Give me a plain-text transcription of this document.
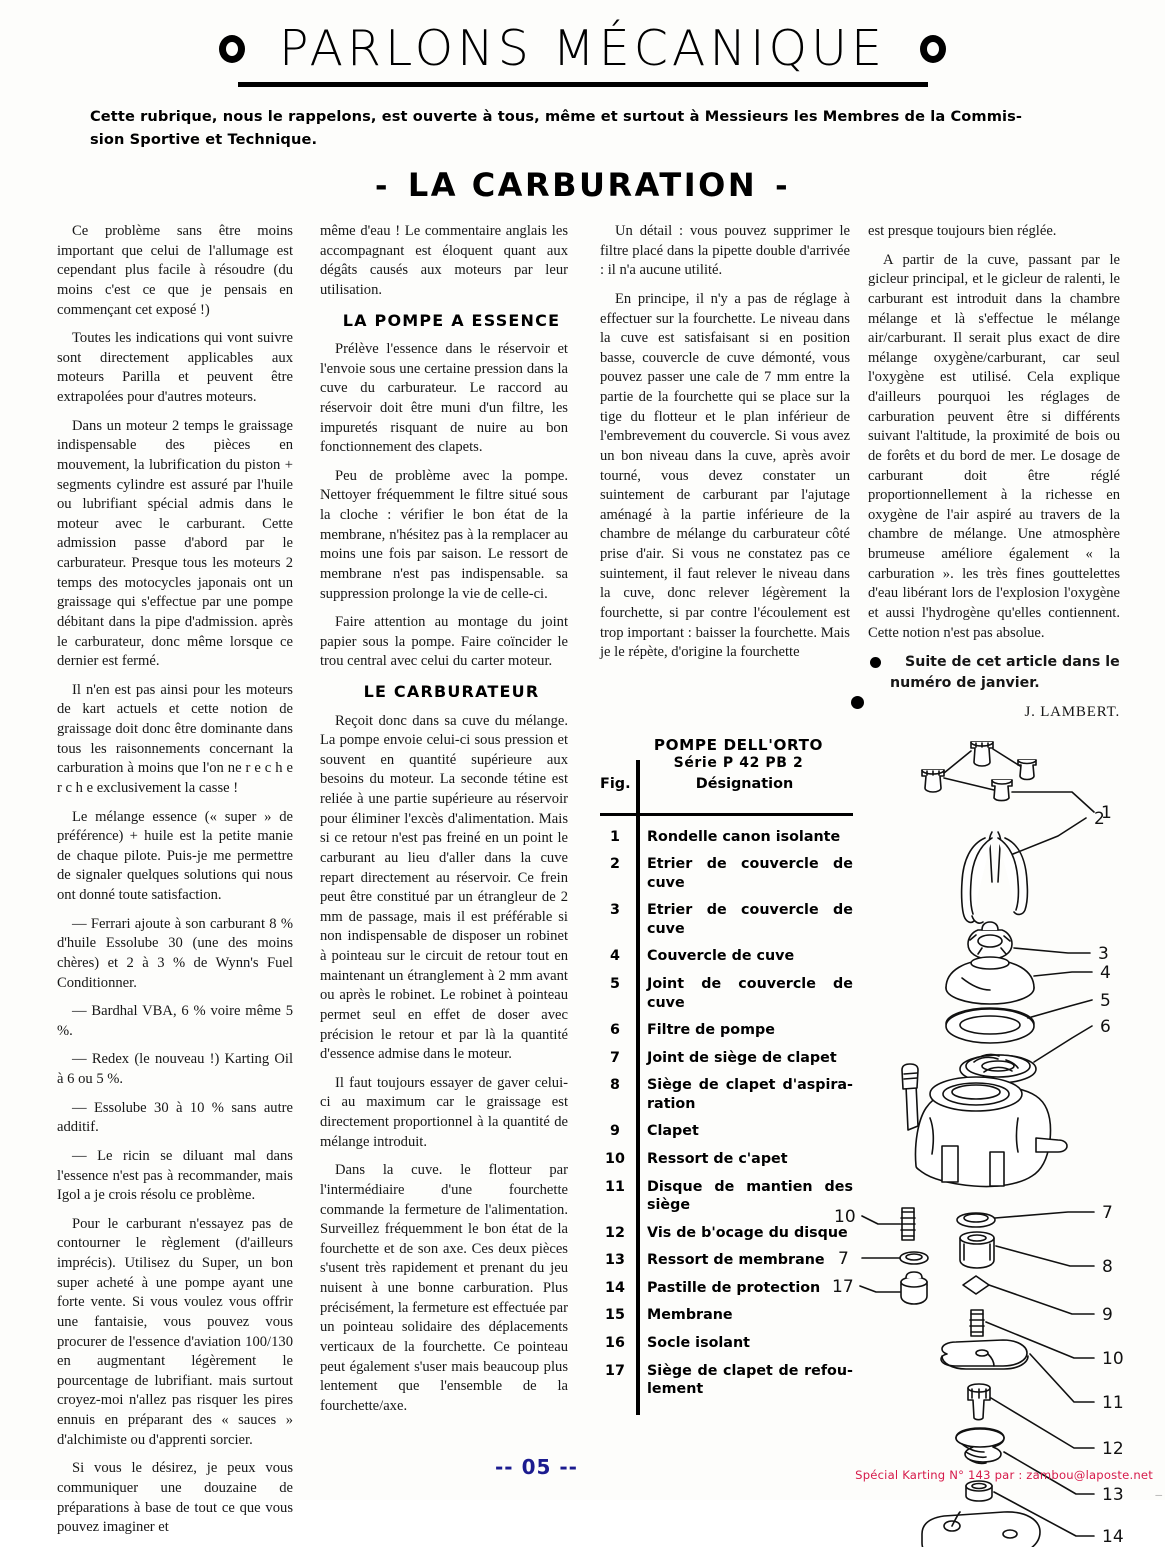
PARLONS MÉCANIQUE
Cette rubrique, nous le rappelons, est ouverte à tous, même et surtout à Messieurs les Membres de la Commis-
sion Sportive et Technique.
- LA CARBURATION -

Ce problème sans être moins important que celui de l'allumage est cependant plus facile à résoudre (du moins c'est ce que je pensais en commençant cet exposé !)

Toutes les indications qui vont suivre sont directement applicables aux moteurs Parilla et peuvent être extrapolées pour d'autres moteurs.

Dans un moteur 2 temps le graissage indispensable des pièces en mouvement, la lubrification du piston + segments cylindre est assuré par l'huile ou lubrifiant spécial admis dans le moteur avec le carburant. Cette admission passe d'abord par le carburateur. Presque tous les moteurs 2 temps des motocycles japonais ont un graissage qui s'effectue par une pompe débitant dans la pipe d'admission. après le carburateur, donc même lorsque ce dernier est fermé.

Il n'en est pas ainsi pour les moteurs de kart actuels et cette notion de graissage doit donc être dominante dans tous les raisonnements concernant la carburation à moins que l'on ne r e c h e r c h e exclusivement la casse !

Le mélange essence (« super » de préférence) + huile est la petite manie de chaque pilote. Puis-je me permettre de signaler quelques solutions qui nous ont donné toute satisfaction.

— Ferrari ajoute à son carburant 8 % d'huile Essolube 30 (une des moins chères) et 2 à 3 % de Wynn's Fuel Conditionner.

— Bardhal VBA, 6 % voire même 5 %.

— Redex (le nouveau !) Karting Oil à 6 ou 5 %.

— Essolube 30 à 10 % sans autre additif.

— Le ricin se diluant mal dans l'essence n'est pas à recommander, mais Igol a je crois résolu ce problème.

Pour le carburant n'essayez pas de contourner le règlement (d'ailleurs imprécis). Utilisez du Super, un bon super acheté à une pompe ayant une forte vente. Si vous voulez vous offrir une fantaisie, vous pouvez vous procurer de l'essence d'aviation 100/130 en augmentant légèrement le pourcentage de lubrifiant. mais surtout croyez-moi n'allez pas risquer les pires ennuis en préparant des « sauces » d'alchimiste ou d'apprenti sorcier.

Si vous le désirez, je peux vous communiquer une douzaine de préparations à base de tout ce que vous pouvez imaginer et

même d'eau ! Le commentaire anglais les accompagnant est éloquent quant aux dégâts causés aux moteurs par leur utilisation.

LA POMPE A ESSENCE

Prélève l'essence dans le réservoir et l'envoie sous une certaine pression dans la cuve du carburateur. Le raccord au réservoir doit être muni d'un filtre, les impuretés risquant de nuire au bon fonctionnement des clapets.

Peu de problème avec la pompe. Nettoyer fréquemment le filtre situé sous la cloche : vérifier le bon état de la membrane, n'hésitez pas à la remplacer au moins une fois par saison. Le ressort de membrane n'est pas indispensable. sa suppression prolonge la vie de celle-ci.

Faire attention au montage du joint papier sous la pompe. Faire coïncider le trou central avec celui du carter moteur.

LE CARBURATEUR

Reçoit donc dans sa cuve du mélange. La pompe envoie celui-ci sous pression et souvent en quantité supérieure aux besoins du moteur. La seconde tétine est reliée à une partie supérieure au réservoir pour éliminer l'excès d'alimentation. Mais si ce retour n'est pas freiné en un point le carburant au lieu d'aller dans la cuve repart directement au réservoir. Ce frein peut être constitué par un étrangleur de 2 mm de passage, mais il est préférable si non indispensable de disposer un robinet à pointeau sur le circuit de retour tout en maintenant un étranglement à 2 mm avant ou après le robinet. Le robinet à pointeau permet seul en effet de doser avec précision le retour et par là la quantité d'essence admise dans le moteur.

Il faut toujours essayer de gaver celui-ci au maximum car le graissage est directement proportionnel à la quantité de mélange introduit.

Dans la cuve. le flotteur par l'intermédiaire d'une fourchette commande la fermeture de l'alimentation. Surveillez fréquemment le bon état de la fourchette et de son axe. Ces deux pièces s'usent très rapidement et prenant du jeu nuisent à une bonne carburation. Plus précisément, la fermeture est effectuée par un pointeau solidaire des déplacements verticaux de la fourchette. Ce pointeau peut également s'user mais beaucoup plus lentement que l'ensemble de la fourchette/axe.

Un détail : vous pouvez supprimer le filtre placé dans la pipette double d'arrivée : il n'a aucune utilité.

En principe, il n'y a pas de réglage à effectuer sur la fourchette. Le niveau dans la cuve est satisfaisant si en position basse, couvercle de cuve démonté, vous pouvez passer une cale de 7 mm entre la partie de la fourchette qui se place sur la tige du flotteur et le plan inférieur de l'embrevement du couvercle. Si vous avez un bon niveau dans la cuve, après avoir tourné, vous devez constater un suintement de carburant par l'ajutage aménagé à la partie inférieure de la chambre de mélange du carburateur côté prise d'air. Si vous ne constatez pas ce suintement, il faut relever le niveau dans la cuve, donc relever légèrement la fourchette, si par contre l'écoulement est trop important : baisser la fourchette. Mais je le répète, d'origine la fourchette

est presque toujours bien réglée.

A partir de la cuve, passant par le gicleur principal, et le gicleur de ralenti, le carburant est introduit dans la chambre mélange et là s'effectue le mélange air/carburant. Il serait plus exact de dire mélange oxygène/carburant, car seul l'oxygène est utilisé. Cela explique d'ailleurs pourquoi les réglages de carburation peuvent être si différents suivant l'altitude, la proximité de bois ou de forêts et du bord de mer. Le dosage de carburant doit être réglé proportionnellement à la richesse en oxygène de l'air aspiré au travers de la chambre de mélange. Une atmosphère brumeuse améliore également « la carburation ». les très fines gouttelettes d'eau libérant lors de l'explosion l'oxygène et aussi l'hydrogène qu'elles contiennent. Cette notion n'est pas absolue.

Suite de cet article dans le numéro de janvier.

J. LAMBERT.

POMPE DELL'ORTO
Série P 42 PB 2
Fig.	Désignation
1	Rondelle canon isolante
2	Etrier de couvercle de cuve
3	Etrier de couvercle de cuve
4	Couvercle de cuve
5	Joint de couvercle de cuve
6	Filtre de pompe
7	Joint de siège de clapet
8	Siège de clapet d'aspira-ration
9	Clapet
10	Ressort de c'apet
11	Disque de mantien des siège
12	Vis de b'ocage du disque
13	Ressort de membrane
14	Pastille de protection
15	Membrane
16	Socle isolant
17	Siège de clapet de refou-lement
1
2
3
4
5
6
7
8
9
10
10
7
17
11
12
13
14
-- 05 --	Spécial Karting N° 143 par : zambou@laposte.net
_
